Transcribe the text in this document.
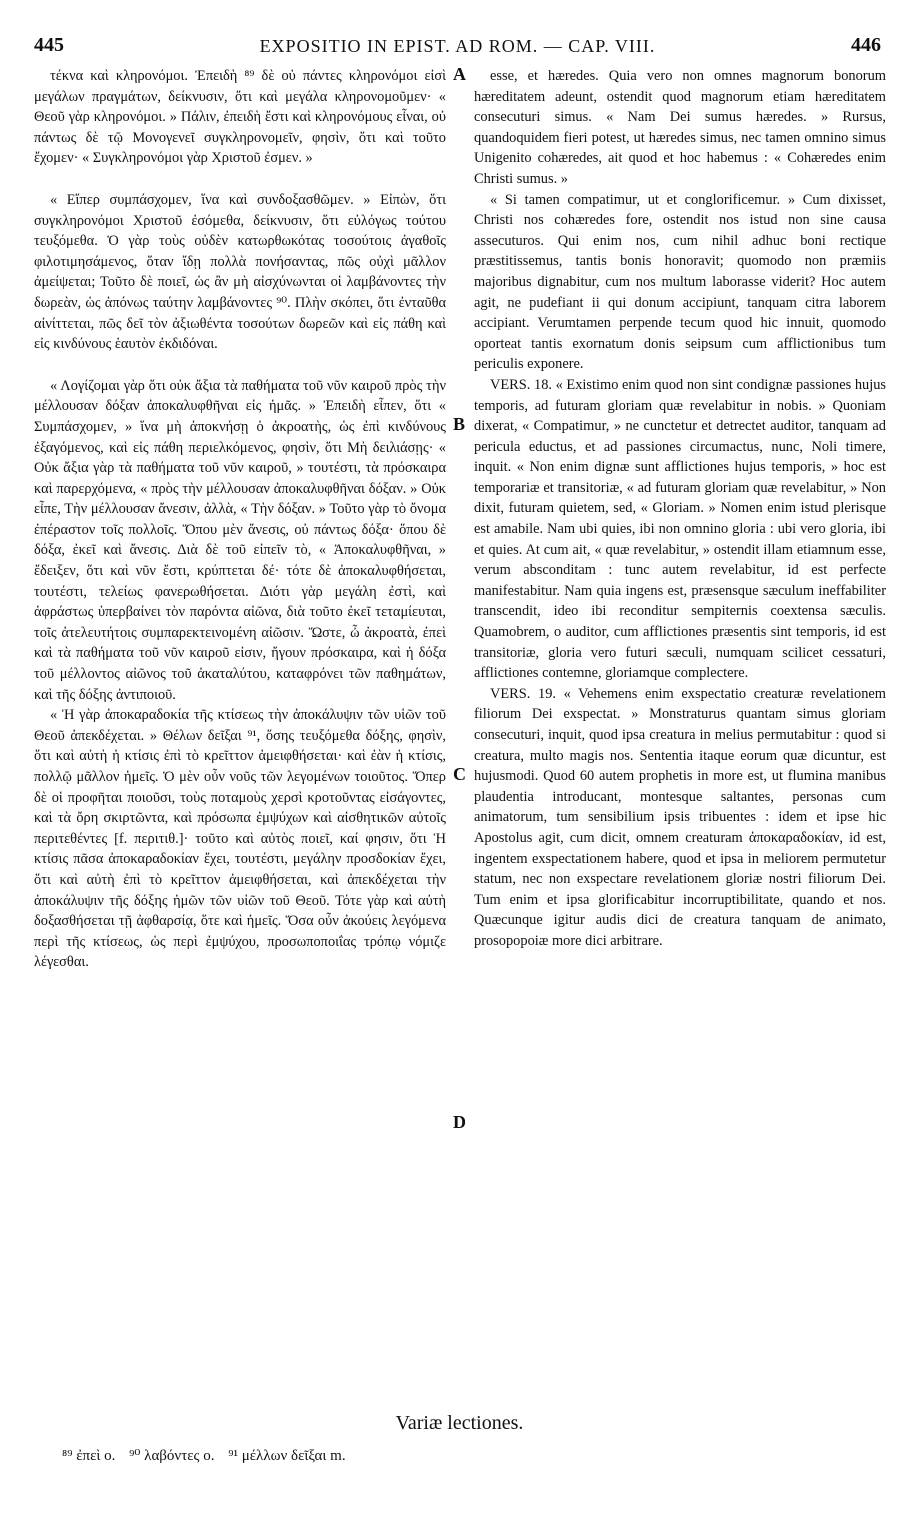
445	EXPOSITIO IN EPIST. AD ROM. — CAP. VIII.	446

τέκνα καὶ κληρονόμοι. Ἐπειδὴ ⁸⁹ δὲ οὐ πάντες κληρονόμοι εἰσὶ μεγάλων πραγμάτων, δείκνυσιν, ὅτι καὶ μεγάλα κληρονομοῦμεν· « Θεοῦ γὰρ κληρονόμοι. » Πάλιν, ἐπειδὴ ἔστι καὶ κληρονόμους εἶναι, οὐ πάντως δὲ τῷ Μονογενεῖ συγκληρονομεῖν, φησὶν, ὅτι καὶ τοῦτο ἔχομεν· « Συγκληρονόμοι γὰρ Χριστοῦ ἐσμεν. »

« Εἴπερ συμπάσχομεν, ἵνα καὶ συνδοξασθῶμεν. » Εἰπὼν, ὅτι συγκληρονόμοι Χριστοῦ ἐσόμεθα, δείκνυσιν, ὅτι εὐλόγως τούτου τευξόμεθα. Ὁ γὰρ τοὺς οὐδὲν κατωρθωκότας τοσούτοις ἀγαθοῖς φιλοτιμησάμενος, ὅταν ἴδῃ πολλὰ πονήσαντας, πῶς οὐχὶ μᾶλλον ἀμείψεται; Τοῦτο δὲ ποιεῖ, ὡς ἂν μὴ αἰσχύνωνται οἱ λαμβάνοντες τὴν δωρεὰν, ὡς ἀπόνως ταύτην λαμβάνοντες ⁹⁰. Πλὴν σκόπει, ὅτι ἐνταῦθα αἰνίττεται, πῶς δεῖ τὸν ἀξιωθέντα τοσούτων δωρεῶν καὶ εἰς πάθη καὶ εἰς κινδύνους ἑαυτὸν ἐκδιδόναι.

« Λογίζομαι γὰρ ὅτι οὐκ ἄξια τὰ παθήματα τοῦ νῦν καιροῦ πρὸς τὴν μέλλουσαν δόξαν ἀποκαλυφθῆναι εἰς ἡμᾶς. » Ἐπειδὴ εἶπεν, ὅτι « Συμπάσχομεν, » ἵνα μὴ ἀποκνήσῃ ὁ ἀκροατὴς, ὡς ἐπὶ κινδύνους ἐξαγόμενος, καὶ εἰς πάθη περιελκόμενος, φησὶν, ὅτι Μὴ δειλιάσῃς· « Οὐκ ἄξια γὰρ τὰ παθήματα τοῦ νῦν καιροῦ, » τουτέστι, τὰ πρόσκαιρα καὶ παρερχόμενα, « πρὸς τὴν μέλλουσαν ἀποκαλυφθῆναι δόξαν. » Οὐκ εἶπε, Τὴν μέλλουσαν ἄνεσιν, ἀλλὰ, « Τὴν δόξαν. » Τοῦτο γὰρ τὸ ὄνομα ἐπέραστον τοῖς πολλοῖς. Ὅπου μὲν ἄνεσις, οὐ πάντως δόξα· ὅπου δὲ δόξα, ἐκεῖ καὶ ἄνεσις. Διὰ δὲ τοῦ εἰπεῖν τὸ, « Ἀποκαλυφθῆναι, » ἔδειξεν, ὅτι καὶ νῦν ἔστι, κρύπτεται δέ· τότε δὲ ἀποκαλυφθήσεται, τουτέστι, τελείως φανερωθήσεται. Διότι γὰρ μεγάλη ἐστὶ, καὶ ἀφράστως ὑπερβαίνει τὸν παρόντα αἰῶνα, διὰ τοῦτο ἐκεῖ τεταμίευται, τοῖς ἀτελευτήτοις συμπαρεκτεινομένη αἰῶσιν. Ὥστε, ὦ ἀκροατὰ, ἐπεὶ καὶ τὰ παθήματα τοῦ νῦν καιροῦ εἰσιν, ἤγουν πρόσκαιρα, καὶ ἡ δόξα τοῦ μέλλοντος αἰῶνος τοῦ ἀκαταλύτου, καταφρόνει τῶν παθημάτων, καὶ τῆς δόξης ἀντιποιοῦ.

« Ἡ γὰρ ἀποκαραδοκία τῆς κτίσεως τὴν ἀποκάλυψιν τῶν υἱῶν τοῦ Θεοῦ ἀπεκδέχεται. » Θέλων δεῖξαι ⁹¹, ὅσης τευξόμεθα δόξης, φησὶν, ὅτι καὶ αὐτὴ ἡ κτίσις ἐπὶ τὸ κρεῖττον ἀμειφθήσεται· καὶ ἐὰν ἡ κτίσις, πολλῷ μᾶλλον ἡμεῖς. Ὁ μὲν οὖν νοῦς τῶν λεγομένων τοιοῦτος. Ὅπερ δὲ οἱ προφῆται ποιοῦσι, τοὺς ποταμοὺς χερσὶ κροτοῦντας εἰσάγοντες, καὶ τὰ ὄρη σκιρτῶντα, καὶ πρόσωπα ἐμψύχων καὶ αἰσθητικῶν αὐτοῖς περιτεθέντες [f. περιτιθ.]· τοῦτο καὶ αὐτὸς ποιεῖ, καί φησιν, ὅτι Ἡ κτίσις πᾶσα ἀποκαραδοκίαν ἔχει, τουτέστι, μεγάλην προσδοκίαν ἔχει, ὅτι καὶ αὐτὴ ἐπὶ τὸ κρεῖττον ἀμειφθήσεται, καὶ ἀπεκδέχεται τὴν ἀποκάλυψιν τῆς δόξης ἡμῶν τῶν υἱῶν τοῦ Θεοῦ. Τότε γὰρ καὶ αὐτὴ δοξασθήσεται τῇ ἀφθαρσίᾳ, ὅτε καὶ ἡμεῖς. Ὅσα οὖν ἀκούεις λεγόμενα περὶ τῆς κτίσεως, ὡς περὶ ἐμψύχου, προσωποποιΐας τρόπῳ νόμιζε λέγεσθαι.

esse, et hæredes. Quia vero non omnes magnorum bonorum hæreditatem adeunt, ostendit quod magnorum etiam hæreditatem consecuturi simus. « Nam Dei sumus hæredes. » Rursus, quandoquidem fieri potest, ut hæredes simus, nec tamen omnino simus Unigenito cohæredes, ait quod et hoc habemus : « Cohæredes enim Christi sumus. »

« Si tamen compatimur, ut et conglorificemur. » Cum dixisset, Christi nos cohæredes fore, ostendit nos istud non sine causa assecuturos. Qui enim nos, cum nihil adhuc boni rectique præstitissemus, tantis bonis honoravit; quomodo non præmiis majoribus dignabitur, cum nos multum laborasse viderit? Hoc autem agit, ne pudefiant ii qui donum accipiunt, tanquam citra laborem accipiant. Verumtamen perpende tecum quod hic innuit, quomodo oporteat tantis exornatum donis seipsum cum afflictionibus tum periculis exponere.

VERS. 18. « Existimo enim quod non sint condignæ passiones hujus temporis, ad futuram gloriam quæ revelabitur in nobis. » Quoniam dixerat, « Compatimur, » ne cunctetur et detrectet auditor, tanquam ad pericula eductus, et ad passiones circumactus, nunc, Noli timere, inquit. « Non enim dignæ sunt afflictiones hujus temporis, » hoc est temporariæ et transitoriæ, « ad futuram gloriam quæ revelabitur, » Non dixit, futuram quietem, sed, « Gloriam. » Nomen enim istud plerisque est amabile. Nam ubi quies, ibi non omnino gloria : ubi vero gloria, ibi et quies. At cum ait, « quæ revelabitur, » ostendit illam etiamnum esse, verum absconditam : tunc autem revelabitur, id est perfecte manifestabitur. Nam quia ingens est, præsensque sæculum ineffabiliter transcendit, ideo ibi reconditur sempiternis coextensa sæculis. Quamobrem, o auditor, cum afflictiones præsentis sint temporis, id est transitoriæ, gloria vero futuri sæculi, numquam scilicet cessaturi, afflictiones contemne, gloriamque complectere.

VERS. 19. « Vehemens enim exspectatio creaturæ revelationem filiorum Dei exspectat. » Monstraturus quantam simus gloriam consecuturi, inquit, quod ipsa creatura in melius permutabitur : quod si creatura, multo magis nos. Sententia itaque eorum quæ dicuntur, est hujusmodi. Quod 60 autem prophetis in more est, ut flumina manibus plaudentia introducant, montesque saltantes, personas cum animatorum, tum sensibilium ipsis tribuentes : idem et ipse hic Apostolus agit, cum dicit, omnem creaturam ἀποκαραδοκίαν, id est, ingentem exspectationem habere, quod et ipsa in meliorem permutetur statum, nec non exspectare revelationem gloriæ nostri filiorum Dei. Tum enim et ipsa glorificabitur incorruptibilitate, quando et nos. Quæcunque igitur audis dici de creatura tanquam de animato, prosopopoiæ more dici arbitrare.

A
B
C
D
Variæ lectiones.
⁸⁹ ἐπεὶ ο. ⁹⁰ λαβόντες ο. ⁹¹ μέλλων δεῖξαι m.
